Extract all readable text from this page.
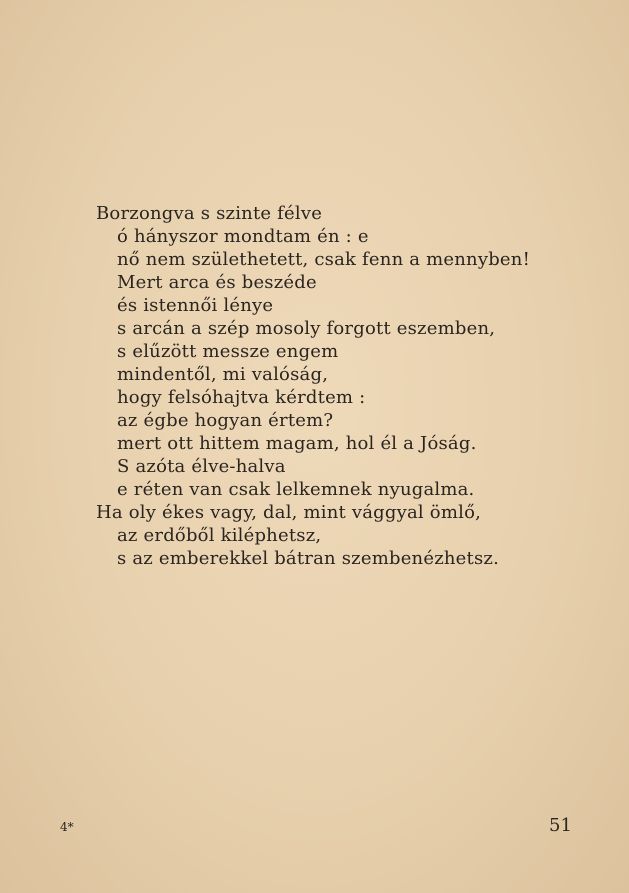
Borzongva s szinte félve
ó hányszor mondtam én : e
nő nem születhetett, csak fenn a mennyben!
Mert arca és beszéde
és istennői lénye
s arcán a szép mosoly forgott eszemben,
s elűzött messze engem
mindentől, mi valóság,
hogy felsóhajtva kérdtem :
az égbe hogyan értem?
mert ott hittem magam, hol él a Jóság.
S azóta élve-halva
e réten van csak lelkemnek nyugalma.
Ha oly ékes vagy, dal, mint vággyal ömlő,
az erdőből kiléphetsz,
s az emberekkel bátran szembenézhetsz.
4*	51
